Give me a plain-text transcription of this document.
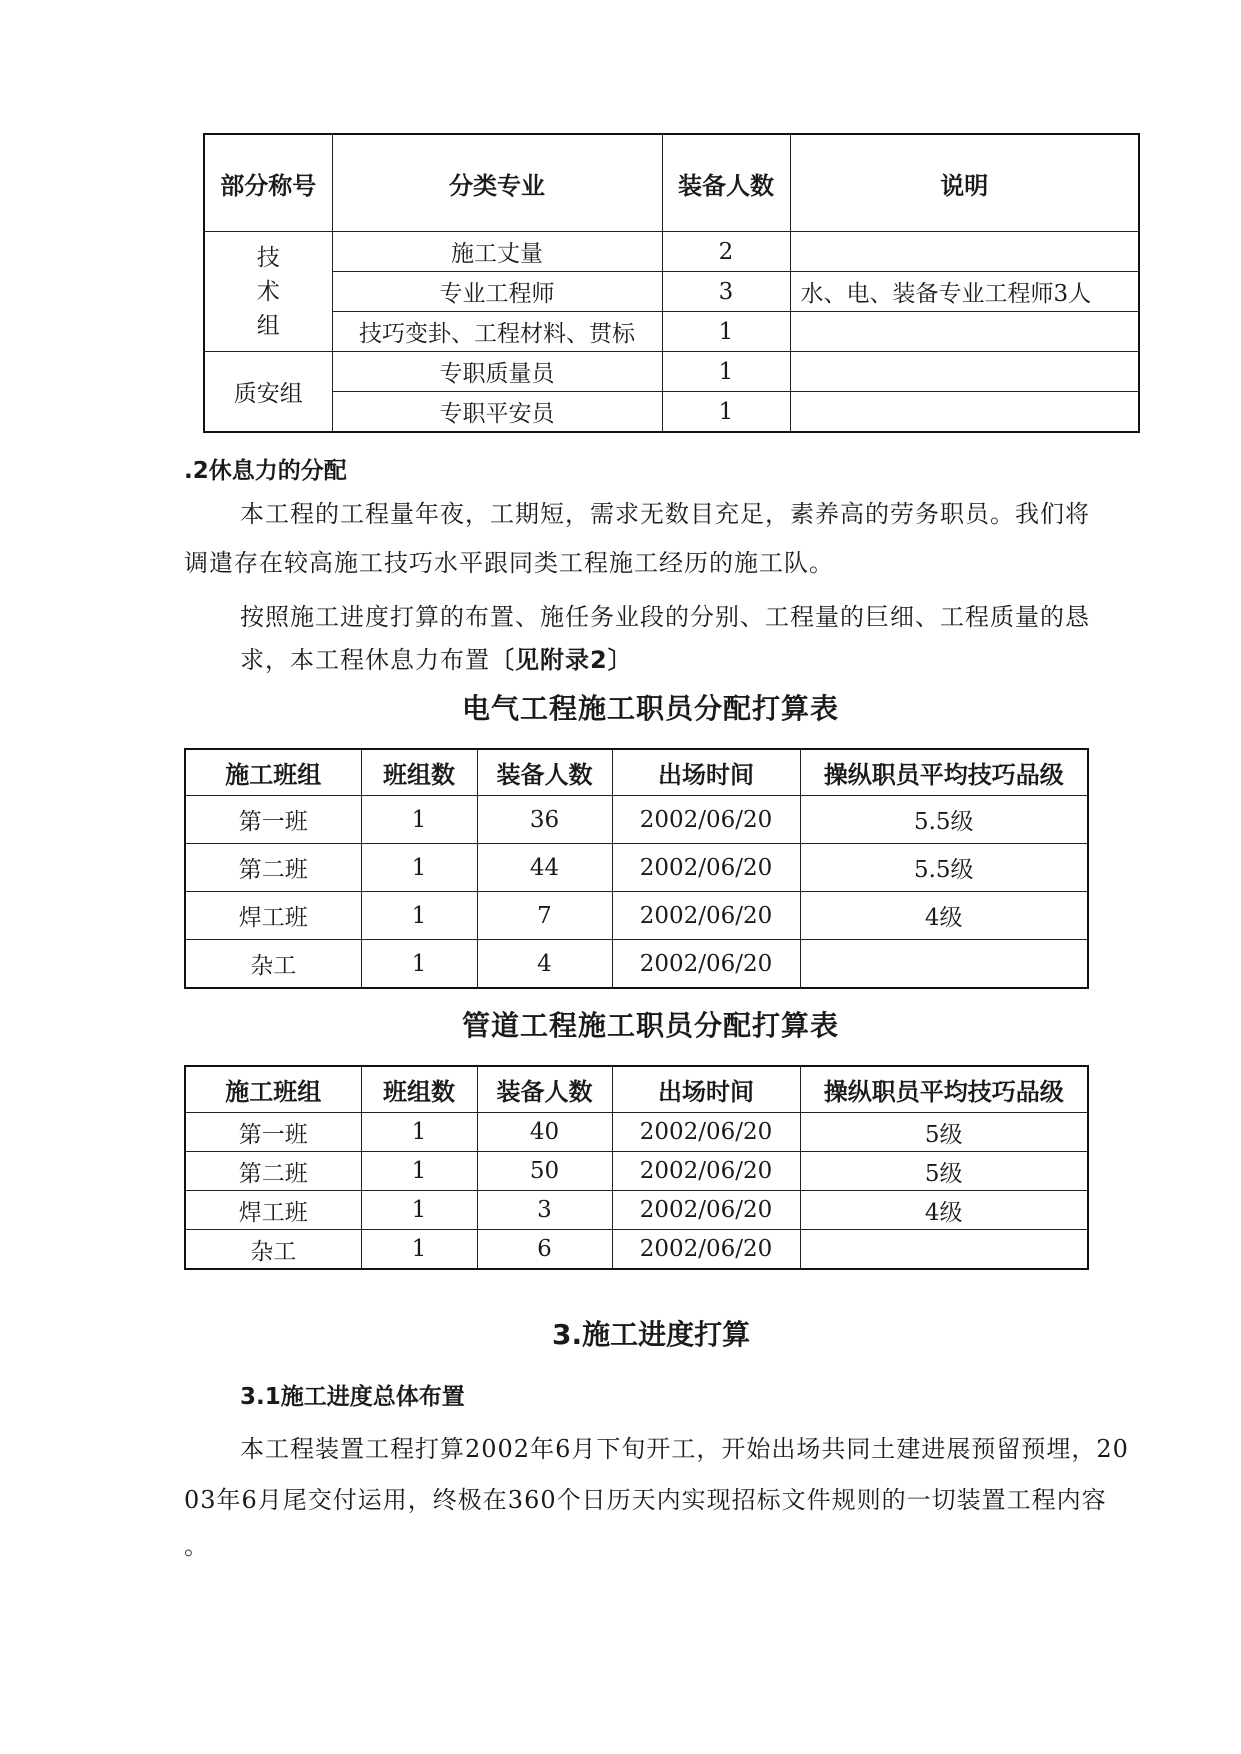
部分称号	分类专业	装备人数	说明

技
术
组	施工丈量	2	
	专业工程师	3	水、电、装备专业工程师3人
	技巧变卦、工程材料、贯标	1	
质安组	专职质量员	1	
	专职平安员	1	
.2休息力的分配
本工程的工程量年夜，工期短，需求无数目充足，素养高的劳务职员。我们将
调遣存在较高施工技巧水平跟同类工程施工经历的施工队。
按照施工进度打算的布置、施任务业段的分别、工程量的巨细、工程质量的恳
求，本工程休息力布置〔见附录2〕
电气工程施工职员分配打算表
施工班组	班组数	装备人数	出场时间	操纵职员平均技巧品级
第一班	1	36	2002/06/20	5.5级
第二班	1	44	2002/06/20	5.5级
焊工班	1	7	2002/06/20	4级
杂工	1	4	2002/06/20	
管道工程施工职员分配打算表
施工班组	班组数	装备人数	出场时间	操纵职员平均技巧品级
第一班	1	40	2002/06/20	5级
第二班	1	50	2002/06/20	5级
焊工班	1	3	2002/06/20	4级
杂工	1	6	2002/06/20	
3.施工进度打算
3.1施工进度总体布置
本工程装置工程打算2002年6月下旬开工，开始出场共同土建进展预留预埋，20
03年6月尾交付运用，终极在360个日历天内实现招标文件规则的一切装置工程内容
。
